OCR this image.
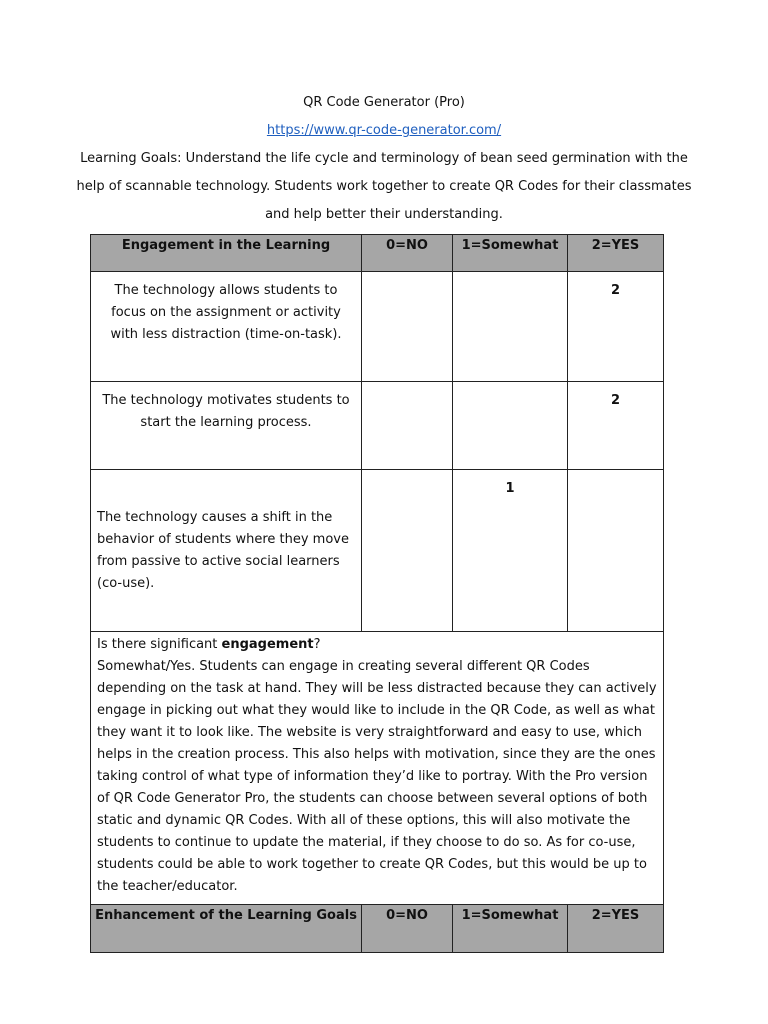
QR Code Generator (Pro)
https://www.qr-code-generator.com/
Learning Goals: Understand the life cycle and terminology of bean seed germination with the
help of scannable technology. Students work together to create QR Codes for their classmates
and help better their understanding.
Engagement in the Learning	0=NO	1=Somewhat	2=YES
The technology allows students to focus on the assignment or activity with less distraction (time-on-task).			2
The technology motivates students to start the learning process.			2
The technology causes a shift in the behavior of students where they move from passive to active social learners (co-use).		1	

Is there significant engagement?
Somewhat/Yes. Students can engage in creating several different QR Codes depending on the task at hand. They will be less distracted because they can actively engage in picking out what they would like to include in the QR Code, as well as what they want it to look like. The website is very straightforward and easy to use, which helps in the creation process. This also helps with motivation, since they are the ones taking control of what type of information they’d like to portray. With the Pro version of QR Code Generator Pro, the students can choose between several options of both static and dynamic QR Codes. With all of these options, this will also motivate the students to continue to update the material, if they choose to do so. As for co-use, students could be able to work together to create QR Codes, but this would be up to the teacher/educator.			

Enhancement of the Learning Goals	0=NO	1=Somewhat	2=YES
